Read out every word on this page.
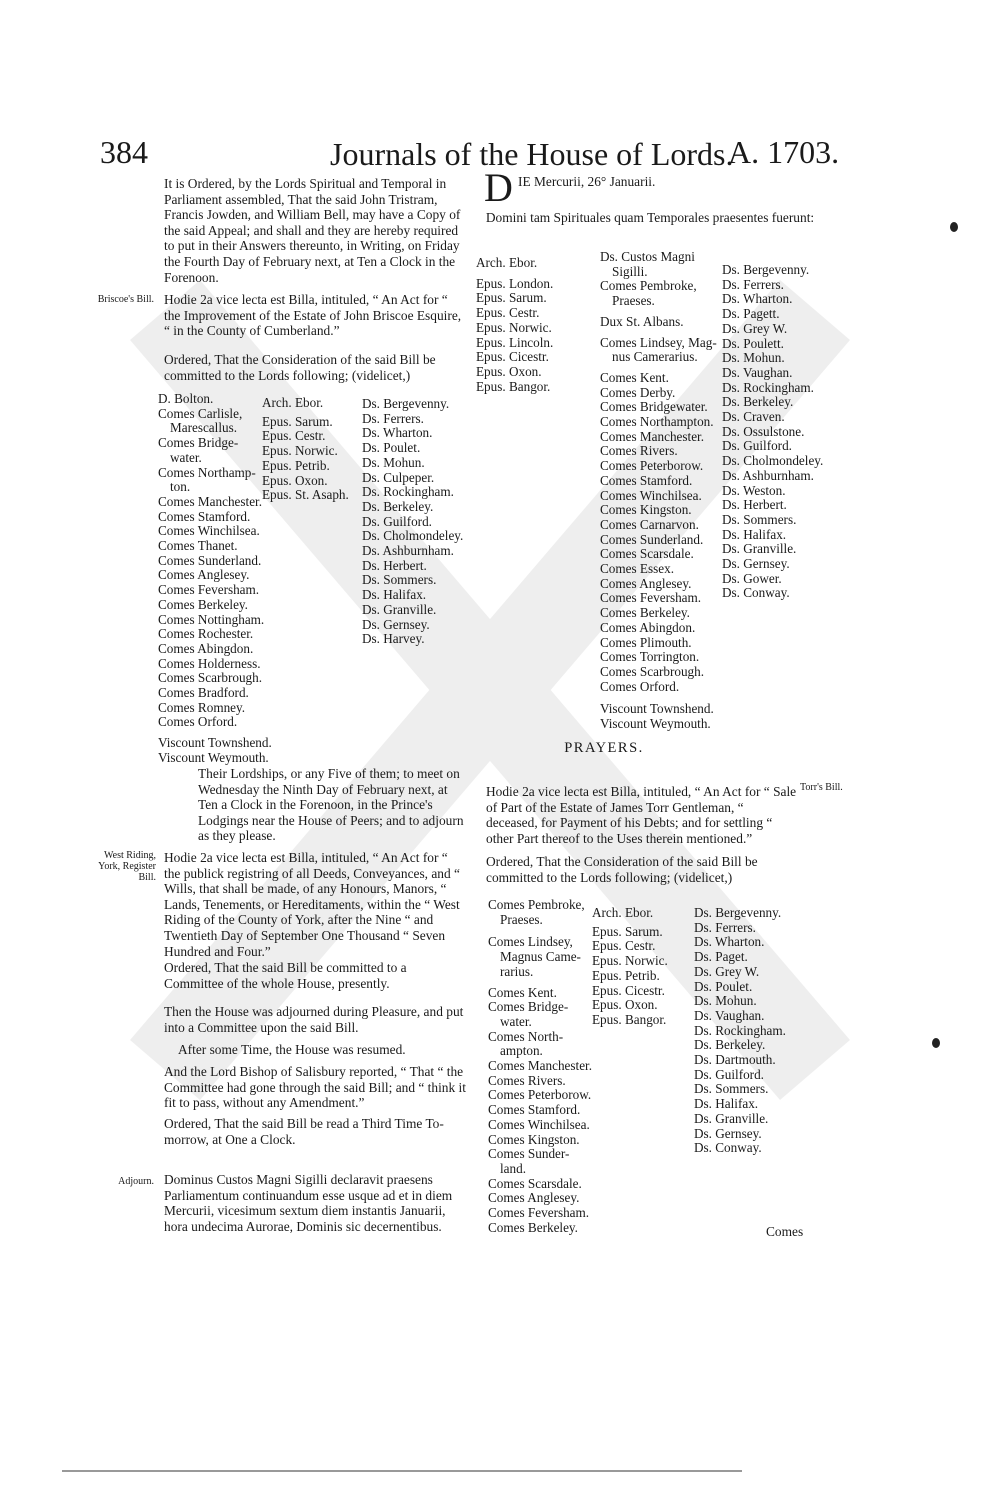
384	Journals of the House of Lords.
A. 1703.

It is Ordered, by the Lords Spiritual and Temporal in Parliament assembled, That the said John Tristram, Francis Jowden, and William Bell, may have a Copy of the said Appeal; and shall and they are hereby required to put in their Answers thereunto, in Writing, on Friday the Fourth Day of February next, at Ten a Clock in the Forenoon.

Briscoe's Bill. Hodie 2a vice lecta est Billa, intituled, “ An Act for “ the Improvement of the Estate of John Briscoe Esquire, “ in the County of Cumberland.”

Ordered, That the Consideration of the said Bill be committed to the Lords following; (videlicet,)

D. Bolton.
Comes Carlisle,
Marescallus.
Comes Bridge-
water.
Comes Northamp-
ton.
Comes Manchester.
Comes Stamford.
Comes Winchilsea.
Comes Thanet.
Comes Sunderland.
Comes Anglesey.
Comes Feversham.
Comes Berkeley.
Comes Nottingham.
Comes Rochester.
Comes Abingdon.
Comes Holderness.
Comes Scarbrough.
Comes Bradford.
Comes Romney.
Comes Orford.
Viscount Townshend.
Viscount Weymouth.
Arch. Ebor.
Epus. Sarum.
Epus. Cestr.
Epus. Norwic.
Epus. Petrib.
Epus. Oxon.
Epus. St. Asaph.
Ds. Bergevenny.
Ds. Ferrers.
Ds. Wharton.
Ds. Poulet.
Ds. Mohun.
Ds. Culpeper.
Ds. Rockingham.
Ds. Berkeley.
Ds. Guilford.
Ds. Cholmondeley.
Ds. Ashburnham.
Ds. Herbert.
Ds. Sommers.
Ds. Halifax.
Ds. Granville.
Ds. Gernsey.
Ds. Harvey.

Their Lordships, or any Five of them; to meet on Wednesday the Ninth Day of February next, at Ten a Clock in the Forenoon, in the Prince's Lodgings near the House of Peers; and to adjourn as they please.

West Riding, York, Register Bill.

Hodie 2a vice lecta est Billa, intituled, “ An Act for “ the publick registring of all Deeds, Conveyances, and “ Wills, that shall be made, of any Honours, Manors, “ Lands, Tenements, or Hereditaments, within the “ West Riding of the County of York, after the Nine “ and Twentieth Day of September One Thousand “ Seven Hundred and Four.”

Ordered, That the said Bill be committed to a Committee of the whole House, presently.

Then the House was adjourned during Pleasure, and put into a Committee upon the said Bill.

After some Time, the House was resumed.

And the Lord Bishop of Salisbury reported, “ That “ the Committee had gone through the said Bill; and “ think it fit to pass, without any Amendment.”

Ordered, That the said Bill be read a Third Time To-morrow, at One a Clock.

Adjourn. Dominus Custos Magni Sigilli declaravit praesens Parliamentum continuandum esse usque ad et in diem Mercurii, vicesimum sextum diem instantis Januarii, hora undecima Aurorae, Dominis sic decernentibus.

D IE Mercurii, 26° Januarii.

Domini tam Spirituales quam Temporales praesentes fuerunt:

Arch. Ebor.
Epus. London.
Epus. Sarum.
Epus. Cestr.
Epus. Norwic.
Epus. Lincoln.
Epus. Cicestr.
Epus. Oxon.
Epus. Bangor.
Ds. Custos Magni
Sigilli.
Comes Pembroke,
Praeses.
Dux St. Albans.
Comes Lindsey, Mag-
nus Camerarius.
Comes Kent.
Comes Derby.
Comes Bridgewater.
Comes Northampton.
Comes Manchester.
Comes Rivers.
Comes Peterborow.
Comes Stamford.
Comes Winchilsea.
Comes Kingston.
Comes Carnarvon.
Comes Sunderland.
Comes Scarsdale.
Comes Essex.
Comes Anglesey.
Comes Feversham.
Comes Berkeley.
Comes Abingdon.
Comes Plimouth.
Comes Torrington.
Comes Scarbrough.
Comes Orford.
Viscount Townshend.
Viscount Weymouth.
Ds. Bergevenny.
Ds. Ferrers.
Ds. Wharton.
Ds. Pagett.
Ds. Grey W.
Ds. Poulett.
Ds. Mohun.
Ds. Vaughan.
Ds. Rockingham.
Ds. Berkeley.
Ds. Craven.
Ds. Ossulstone.
Ds. Guilford.
Ds. Cholmondeley.
Ds. Ashburnham.
Ds. Weston.
Ds. Herbert.
Ds. Sommers.
Ds. Halifax.
Ds. Granville.
Ds. Gernsey.
Ds. Gower.
Ds. Conway.
PRAYERS.
Torr's Bill.

Hodie 2a vice lecta est Billa, intituled, “ An Act for “ Sale of Part of the Estate of James Torr Gentleman, “ deceased, for Payment of his Debts; and for settling “ other Part thereof to the Uses therein mentioned.”

Ordered, That the Consideration of the said Bill be committed to the Lords following; (videlicet,)

Comes Pembroke,
Praeses.
Comes Lindsey,
Magnus Came-
rarius.
Comes Kent.
Comes Bridge-
water.
Comes North-
ampton.
Comes Manchester.
Comes Rivers.
Comes Peterborow.
Comes Stamford.
Comes Winchilsea.
Comes Kingston.
Comes Sunder-
land.
Comes Scarsdale.
Comes Anglesey.
Comes Feversham.
Comes Berkeley.
Arch. Ebor.
Epus. Sarum.
Epus. Cestr.
Epus. Norwic.
Epus. Petrib.
Epus. Cicestr.
Epus. Oxon.
Epus. Bangor.
Ds. Bergevenny.
Ds. Ferrers.
Ds. Wharton.
Ds. Paget.
Ds. Grey W.
Ds. Poulet.
Ds. Mohun.
Ds. Vaughan.
Ds. Rockingham.
Ds. Berkeley.
Ds. Dartmouth.
Ds. Guilford.
Ds. Sommers.
Ds. Halifax.
Ds. Granville.
Ds. Gernsey.
Ds. Conway.
Comes
